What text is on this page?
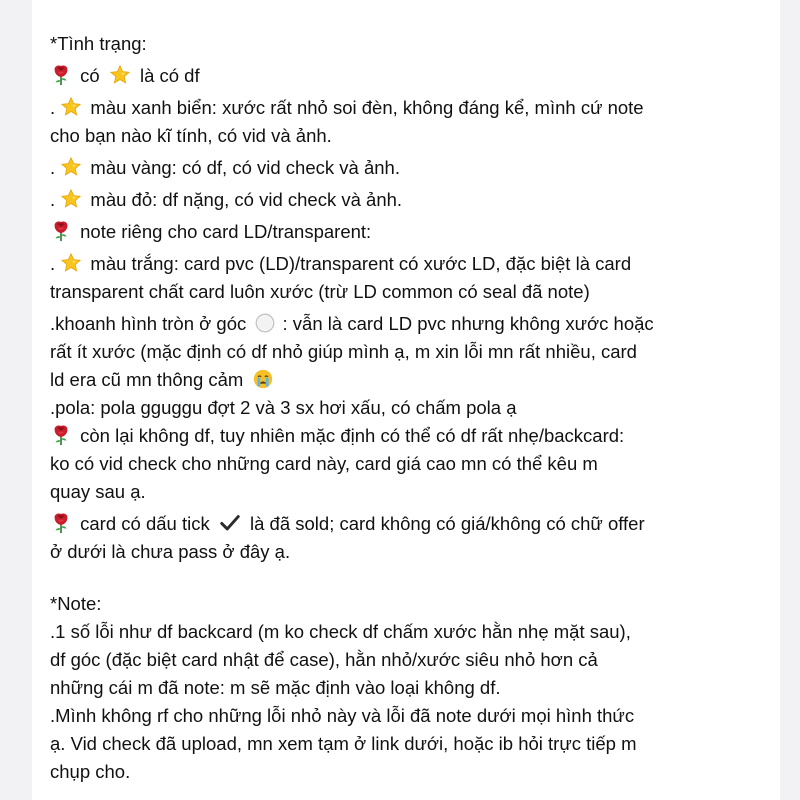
*Tình trạng:
có là có df
. màu xanh biển: xước rất nhỏ soi đèn, không đáng kể, mình cứ note
cho bạn nào kĩ tính, có vid và ảnh.
. màu vàng: có df, có vid check và ảnh.
. màu đỏ: df nặng, có vid check và ảnh.
note riêng cho card LD/transparent:
. màu trắng: card pvc (LD)/transparent có xước LD, đặc biệt là card
transparent chất card luôn xước (trừ LD common có seal đã note)
.khoanh hình tròn ở góc : vẫn là card LD pvc nhưng không xước hoặc
rất ít xước (mặc định có df nhỏ giúp mình ạ, m xin lỗi mn rất nhiều, card
ld era cũ mn thông cảm
.pola: pola gguggu đợt 2 và 3 sx hơi xấu, có chấm pola ạ
còn lại không df, tuy nhiên mặc định có thể có df rất nhẹ/backcard:
ko có vid check cho những card này, card giá cao mn có thể kêu m
quay sau ạ.
card có dấu tick là đã sold; card không có giá/không có chữ offer
ở dưới là chưa pass ở đây ạ.
*Note:
.1 số lỗi như df backcard (m ko check df chấm xước hằn nhẹ mặt sau),
df góc (đặc biệt card nhật để case), hằn nhỏ/xước siêu nhỏ hơn cả
những cái m đã note: m sẽ mặc định vào loại không df.
.Mình không rf cho những lỗi nhỏ này và lỗi đã note dưới mọi hình thức
ạ. Vid check đã upload, mn xem tạm ở link dưới, hoặc ib hỏi trực tiếp m
chụp cho.
